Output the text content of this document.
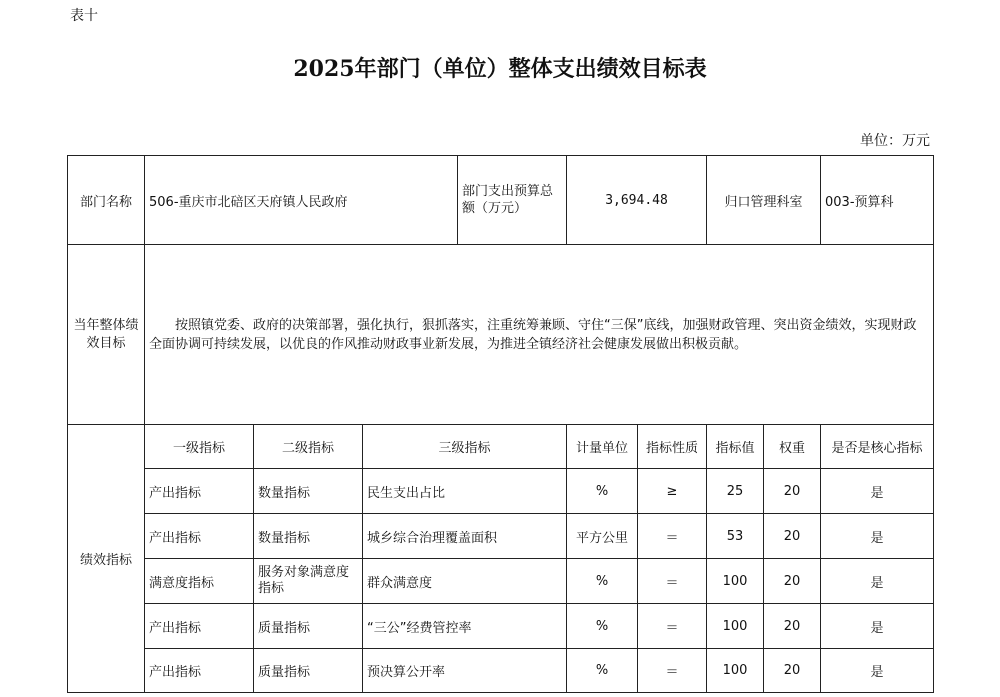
表十
2025年部门（单位）整体支出绩效目标表
单位：万元
部门名称	506-重庆市北碚区天府镇人民政府			部门支出预算总额（万元）	3,694.48		归口管理科室		003-预算科
当年整体绩效目标	按照镇党委、政府的决策部署，强化执行，狠抓落实，注重统筹兼顾、守住“三保”底线，加强财政管理、突出资金绩效，实现财政全面协调可持续发展，以优良的作风推动财政事业新发展，为推进全镇经济社会健康发展做出积极贡献。								
绩效指标	一级指标	二级指标	三级指标		计量单位	指标性质	指标值	权重	是否是核心指标
	产出指标	数量指标	民生支出占比		%	≥	25	20	是
	产出指标	数量指标	城乡综合治理覆盖面积		平方公里	＝	53	20	是
	满意度指标	服务对象满意度指标	群众满意度		%	＝	100	20	是
	产出指标	质量指标	“三公”经费管控率		%	＝	100	20	是
	产出指标	质量指标	预决算公开率		%	＝	100	20	是
